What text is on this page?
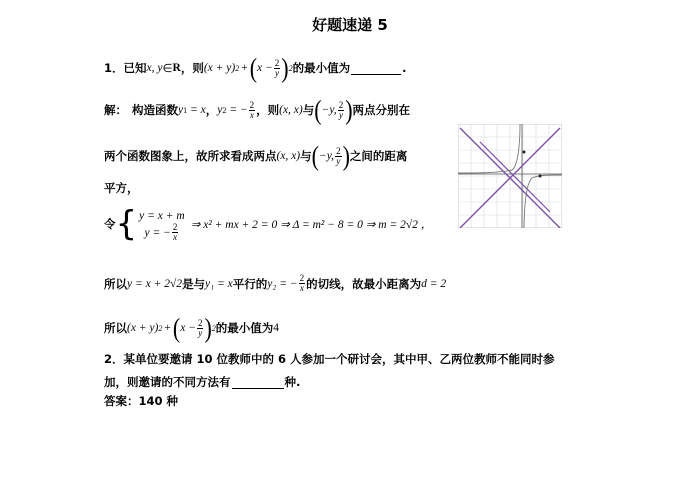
好题速递 5
1． 已知 x, y ∈ R ，则 (x + y) 2 + ( $x - \frac{2}{y}$ ) 2 的最小值为	.
解： 构造函数 y 1
= x ， y 2
= − $\frac{2}{x}$ ，则 (x, x) 与 ( −y, $\frac{2}{y}$ ) 两点分别在
两个函数图象上，故所求看成两点 (x, x) 与 ( −y, $\frac{2}{y}$ ) 之间的距离
平方，
令 { y = x + m
y = − $\frac{2}{x}$ ⇒ x² + mx + 2 = 0 ⇒ Δ = m² − 8 = 0 ⇒ m = 2√2 ，
所以 y = x + 2√2 是与 y₁ = x 平行的 y₂ = − $\frac{2}{x}$ 的切线，故最小距离为 d = 2
所以 (x + y) 2 + ( $x - \frac{2}{y}$ ) 2 的最小值为 4
2．某单位要邀请 10 位教师中的 6 人参加一个研讨会，其中甲、乙两位教师不能同时参
加，则邀请的不同方法有	种.
答案：140 种
